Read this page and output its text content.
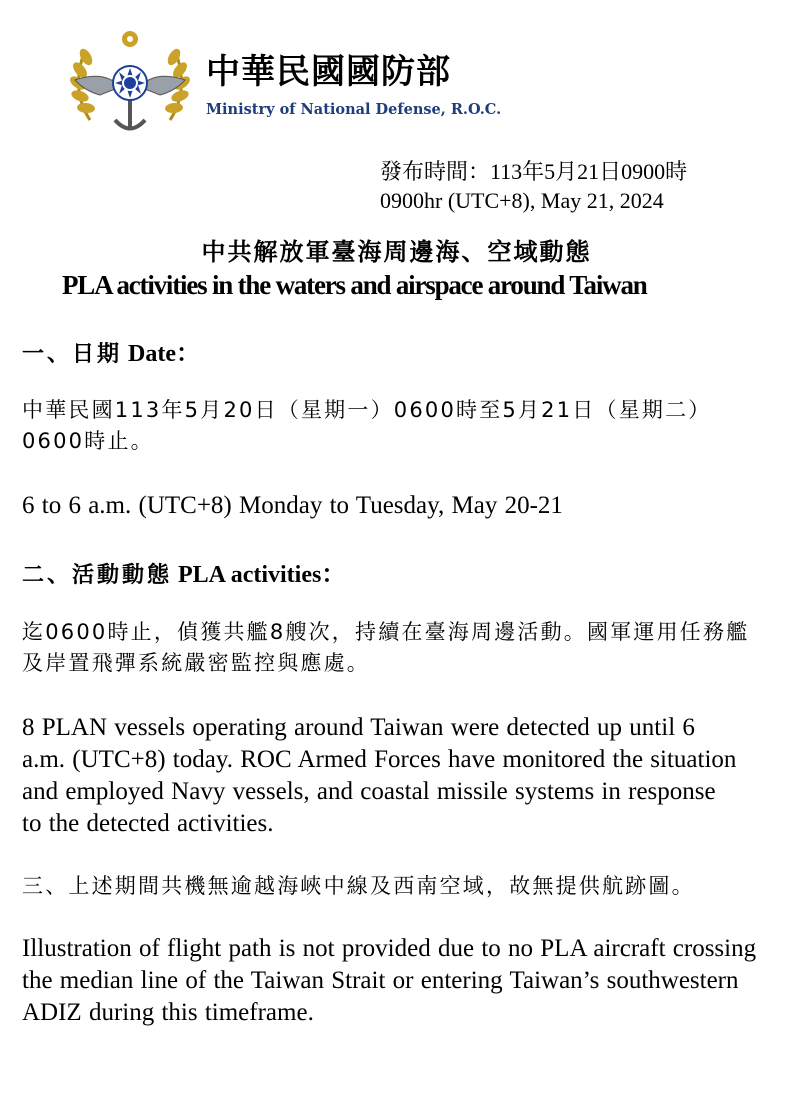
中華民國國防部
Ministry of National Defense, R.O.C.
發布時間：113年5月21日0900時
0900hr (UTC+8), May 21, 2024
中共解放軍臺海周邊海、空域動態
PLA activities in the waters and airspace around Taiwan
一、日期 Date：
中華民國113年5月20日（星期一）0600時至5月21日（星期二）0600時止。
6 to 6 a.m. (UTC+8) Monday to Tuesday, May 20-21
二、活動動態 PLA activities：
迄0600時止，偵獲共艦8艘次，持續在臺海周邊活動。國軍運用任務艦及岸置飛彈系統嚴密監控與應處。
8 PLAN vessels operating around Taiwan were detected up until 6 a.m. (UTC+8) today. ROC Armed Forces have monitored the situation and employed Navy vessels, and coastal missile systems in response to the detected activities.
三、上述期間共機無逾越海峽中線及西南空域，故無提供航跡圖。
Illustration of flight path is not provided due to no PLA aircraft crossing the median line of the Taiwan Strait or entering Taiwan’s southwestern ADIZ during this timeframe.
